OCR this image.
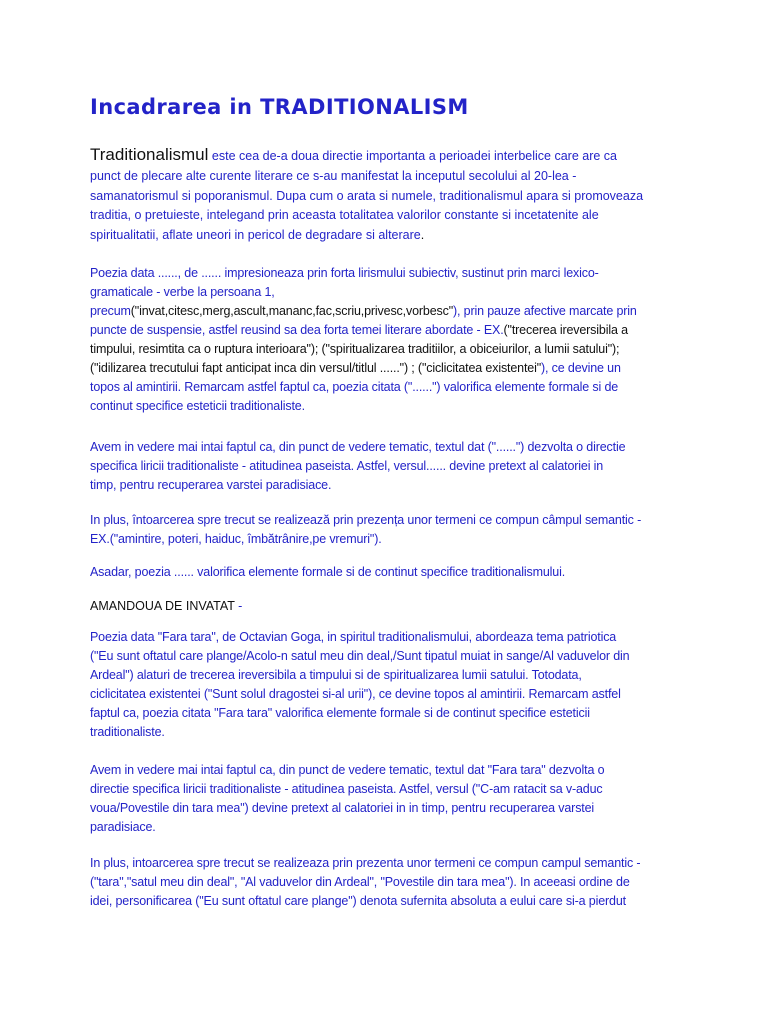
Incadrarea in TRADITIONALISM
Traditionalismul este cea de-a doua directie importanta a perioadei interbelice care are ca
punct de plecare alte curente literare ce s-au manifestat la inceputul secolului al 20-lea -
samanatorismul si poporanismul. Dupa cum o arata si numele, traditionalismul apara si promoveaza
traditia, o pretuieste, intelegand prin aceasta totalitatea valorilor constante si incetatenite ale
spiritualitatii, aflate uneori in pericol de degradare si alterare.
Poezia data ......, de ...... impresioneaza prin forta lirismului subiectiv, sustinut prin marci lexico-
gramaticale - verbe la persoana 1,
precum("invat,citesc,merg,ascult,mananc,fac,scriu,privesc,vorbesc"), prin pauze afective marcate prin
puncte de suspensie, astfel reusind sa dea forta temei literare abordate - EX.("trecerea ireversibila a
timpului, resimtita ca o ruptura interioara"); ("spiritualizarea traditiilor, a obiceiurilor, a lumii satului");
("idilizarea trecutului fapt anticipat inca din versul/titlul ......") ; ("ciclicitatea existentei"), ce devine un
topos al amintirii. Remarcam astfel faptul ca, poezia citata ("......") valorifica elemente formale si de
continut specifice esteticii traditionaliste.
Avem in vedere mai intai faptul ca, din punct de vedere tematic, textul dat ("......") dezvolta o directie
specifica liricii traditionaliste - atitudinea paseista. Astfel, versul...... devine pretext al calatoriei in
timp, pentru recuperarea varstei paradisiace.
In plus, întoarcerea spre trecut se realizează prin prezența unor termeni ce compun câmpul semantic -
EX.("amintire, poteri, haiduc, îmbătrânire,pe vremuri").
Asadar, poezia ...... valorifica elemente formale si de continut specifice traditionalismului.
AMANDOUA DE INVATAT -
Poezia data "Fara tara", de Octavian Goga, in spiritul traditionalismului, abordeaza tema patriotica
("Eu sunt oftatul care plange/Acolo-n satul meu din deal,/Sunt tipatul muiat in sange/Al vaduvelor din
Ardeal") alaturi de trecerea ireversibila a timpului si de spiritualizarea lumii satului. Totodata,
ciclicitatea existentei ("Sunt solul dragostei si-al urii"), ce devine topos al amintirii. Remarcam astfel
faptul ca, poezia citata "Fara tara" valorifica elemente formale si de continut specifice esteticii
traditionaliste.
Avem in vedere mai intai faptul ca, din punct de vedere tematic, textul dat "Fara tara" dezvolta o
directie specifica liricii traditionaliste - atitudinea paseista. Astfel, versul ("C-am ratacit sa v-aduc
voua/Povestile din tara mea") devine pretext al calatoriei in in timp, pentru recuperarea varstei
paradisiace.
In plus, intoarcerea spre trecut se realizeaza prin prezenta unor termeni ce compun campul semantic -
("tara","satul meu din deal", "Al vaduvelor din Ardeal", "Povestile din tara mea"). In aceeasi ordine de
idei, personificarea ("Eu sunt oftatul care plange") denota sufernita absoluta a eului care si-a pierdut
